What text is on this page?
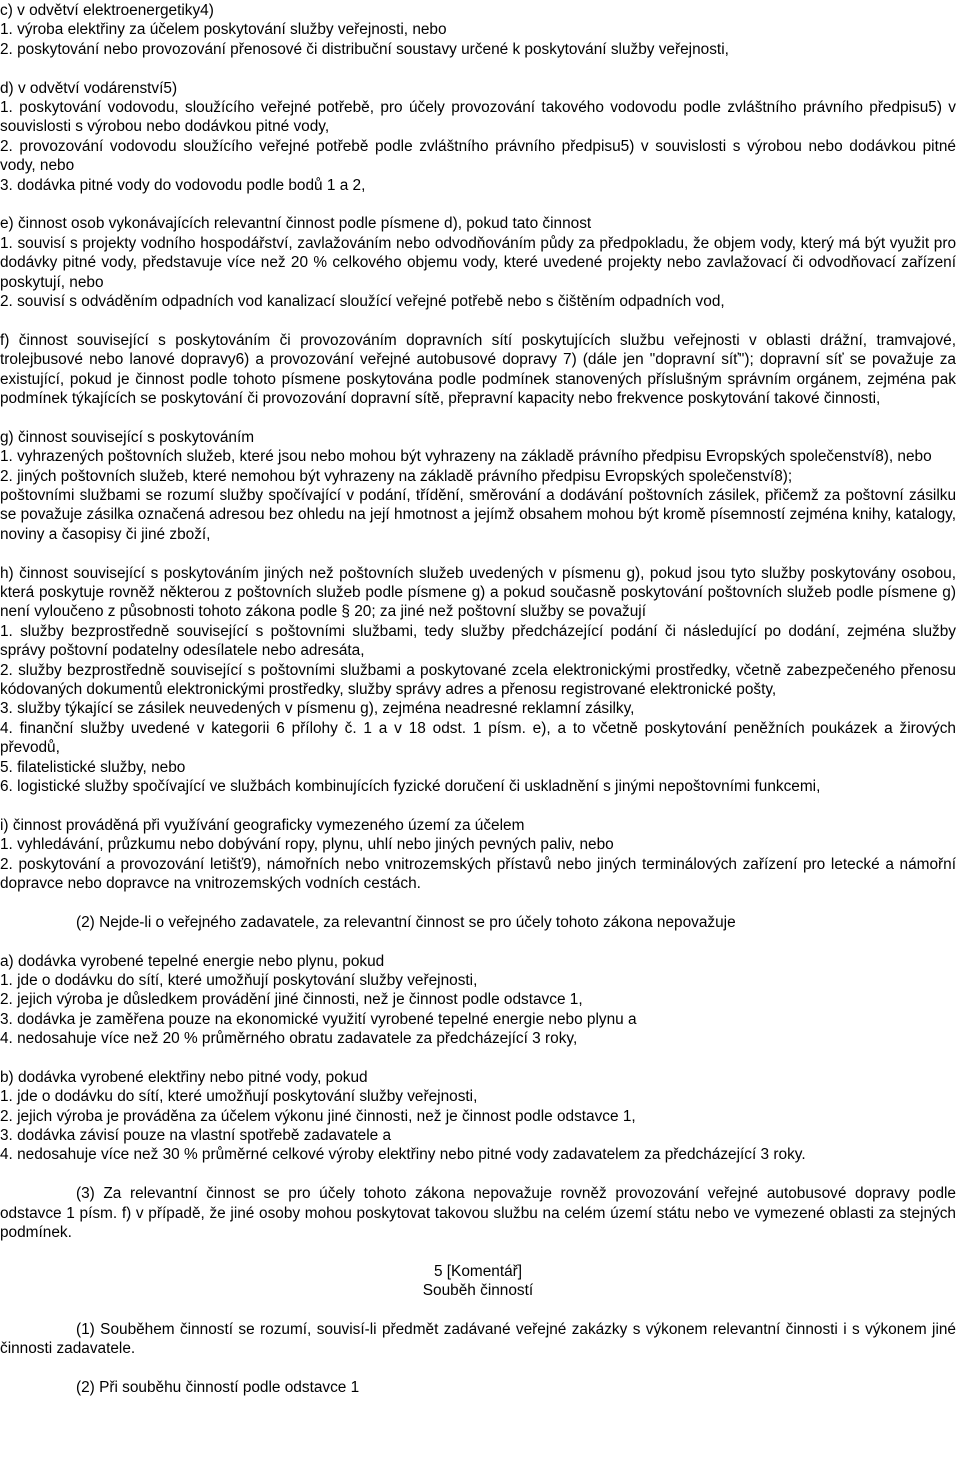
c) v odvětví elektroenergetiky4)
1. výroba elektřiny za účelem poskytování služby veřejnosti, nebo
2. poskytování nebo provozování přenosové či distribuční soustavy určené k poskytování služby veřejnosti,
d) v odvětví vodárenství5)
1. poskytování vodovodu, sloužícího veřejné potřebě, pro účely provozování takového vodovodu podle zvláštního právního předpisu5) v souvislosti s výrobou nebo dodávkou pitné vody,
2. provozování vodovodu sloužícího veřejné potřebě podle zvláštního právního předpisu5) v souvislosti s výrobou nebo dodávkou pitné vody, nebo
3. dodávka pitné vody do vodovodu podle bodů 1 a 2,
e) činnost osob vykonávajících relevantní činnost podle písmene d), pokud tato činnost
1. souvisí s projekty vodního hospodářství, zavlažováním nebo odvodňováním půdy za předpokladu, že objem vody, který má být využit pro dodávky pitné vody, představuje více než 20 % celkového objemu vody, které uvedené projekty nebo zavlažovací či odvodňovací zařízení poskytují, nebo
2. souvisí s odváděním odpadních vod kanalizací sloužící veřejné potřebě nebo s čištěním odpadních vod,
f) činnost související s poskytováním či provozováním dopravních sítí poskytujících službu veřejnosti v oblasti drážní, tramvajové, trolejbusové nebo lanové dopravy6) a provozování veřejné autobusové dopravy 7) (dále jen "dopravní síť"); dopravní síť se považuje za existující, pokud je činnost podle tohoto písmene poskytována podle podmínek stanovených příslušným správním orgánem, zejména pak podmínek týkajících se poskytování či provozování dopravní sítě, přepravní kapacity nebo frekvence poskytování takové činnosti,
g) činnost související s poskytováním
1. vyhrazených poštovních služeb, které jsou nebo mohou být vyhrazeny na základě právního předpisu Evropských společenství8), nebo
2. jiných poštovních služeb, které nemohou být vyhrazeny na základě právního předpisu Evropských společenství8);
poštovními službami se rozumí služby spočívající v podání, třídění, směrování a dodávání poštovních zásilek, přičemž za poštovní zásilku se považuje zásilka označená adresou bez ohledu na její hmotnost a jejímž obsahem mohou být kromě písemností zejména knihy, katalogy, noviny a časopisy či jiné zboží,
h) činnost související s poskytováním jiných než poštovních služeb uvedených v písmenu g), pokud jsou tyto služby poskytovány osobou, která poskytuje rovněž některou z poštovních služeb podle písmene g) a pokud současně poskytování poštovních služeb podle písmene g) není vyloučeno z působnosti tohoto zákona podle § 20; za jiné než poštovní služby se považují
1. služby bezprostředně související s poštovními službami, tedy služby předcházející podání či následující po dodání, zejména služby správy poštovní podatelny odesílatele nebo adresáta,
2. služby bezprostředně související s poštovními službami a poskytované zcela elektronickými prostředky, včetně zabezpečeného přenosu kódovaných dokumentů elektronickými prostředky, služby správy adres a přenosu registrované elektronické pošty,
3. služby týkající se zásilek neuvedených v písmenu g), zejména neadresné reklamní zásilky,
4. finanční služby uvedené v kategorii 6 přílohy č. 1 a v 18 odst. 1 písm. e), a to včetně poskytování peněžních poukázek a žirových převodů,
5. filatelistické služby, nebo
6. logistické služby spočívající ve službách kombinujících fyzické doručení či uskladnění s jinými nepoštovními funkcemi,
i) činnost prováděná při využívání geograficky vymezeného území za účelem
1. vyhledávání, průzkumu nebo dobývání ropy, plynu, uhlí nebo jiných pevných paliv, nebo
2. poskytování a provozování letišť9), námořních nebo vnitrozemských přístavů nebo jiných terminálových zařízení pro letecké a námořní dopravce nebo dopravce na vnitrozemských vodních cestách.
(2) Nejde-li o veřejného zadavatele, za relevantní činnost se pro účely tohoto zákona nepovažuje
a) dodávka vyrobené tepelné energie nebo plynu, pokud
1. jde o dodávku do sítí, které umožňují poskytování služby veřejnosti,
2. jejich výroba je důsledkem provádění jiné činnosti, než je činnost podle odstavce 1,
3. dodávka je zaměřena pouze na ekonomické využití vyrobené tepelné energie nebo plynu a
4. nedosahuje více než 20 % průměrného obratu zadavatele za předcházející 3 roky,
b) dodávka vyrobené elektřiny nebo pitné vody, pokud
1. jde o dodávku do sítí, které umožňují poskytování služby veřejnosti,
2. jejich výroba je prováděna za účelem výkonu jiné činnosti, než je činnost podle odstavce 1,
3. dodávka závisí pouze na vlastní spotřebě zadavatele a
4. nedosahuje více než 30 % průměrné celkové výroby elektřiny nebo pitné vody zadavatelem za předcházející 3 roky.
(3) Za relevantní činnost se pro účely tohoto zákona nepovažuje rovněž provozování veřejné autobusové dopravy podle odstavce 1 písm. f) v případě, že jiné osoby mohou poskytovat takovou službu na celém území státu nebo ve vymezené oblasti za stejných podmínek.
5 [Komentář]
Souběh činností
(1) Souběhem činností se rozumí, souvisí-li předmět zadávané veřejné zakázky s výkonem relevantní činnosti i s výkonem jiné činnosti zadavatele.
(2) Při souběhu činností podle odstavce 1
